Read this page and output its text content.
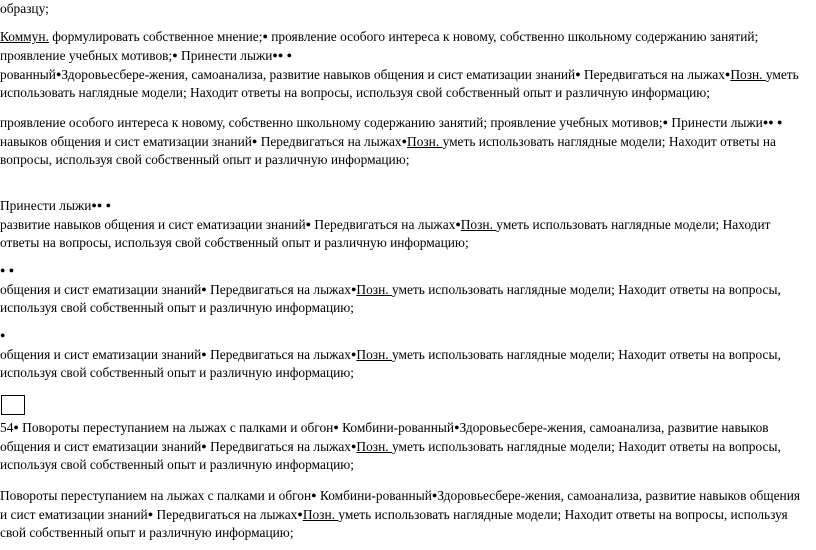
образцу;

Коммун. формулировать собственное мнение;● проявление особого интереса к новому, собственно школьному содержанию занятий; проявление учебных мотивов;● Принести лыжи●● ●
рованный●Здоровьесбере-жения, самоанализа, развитие навыков общения и сист ематизации знаний● Передвигаться на лыжах●Позн. уметь использовать наглядные модели; Находит ответы на вопросы, используя свой собственный опыт и различную информацию;

проявление особого интереса к новому, собственно школьному содержанию занятий; проявление учебных мотивов;● Принести лыжи●● ●
навыков общения и сист ематизации знаний● Передвигаться на лыжах●Позн. уметь использовать наглядные модели; Находит ответы на вопросы, используя свой собственный опыт и различную информацию;

Принести лыжи●● ●
развитие навыков общения и сист ематизации знаний● Передвигаться на лыжах●Позн. уметь использовать наглядные модели; Находит ответы на вопросы, используя свой собственный опыт и различную информацию;

● ●
общения и сист ематизации знаний● Передвигаться на лыжах●Позн. уметь использовать наглядные модели; Находит ответы на вопросы, используя свой собственный опыт и различную информацию;

●
общения и сист ематизации знаний● Передвигаться на лыжах●Позн. уметь использовать наглядные модели; Находит ответы на вопросы, используя свой собственный опыт и различную информацию;

54● Повороты переступанием на лыжах с палками и обгон● Комбини-рованный●Здоровьесбере-жения, самоанализа, развитие навыков общения и сист ематизации знаний● Передвигаться на лыжах●Позн. уметь использовать наглядные модели; Находит ответы на вопросы, используя свой собственный опыт и различную информацию;

Повороты переступанием на лыжах с палками и обгон● Комбини-рованный●Здоровьесбере-жения, самоанализа, развитие навыков общения и сист ематизации знаний● Передвигаться на лыжах●Позн. уметь использовать наглядные модели; Находит ответы на вопросы, используя свой собственный опыт и различную информацию;
